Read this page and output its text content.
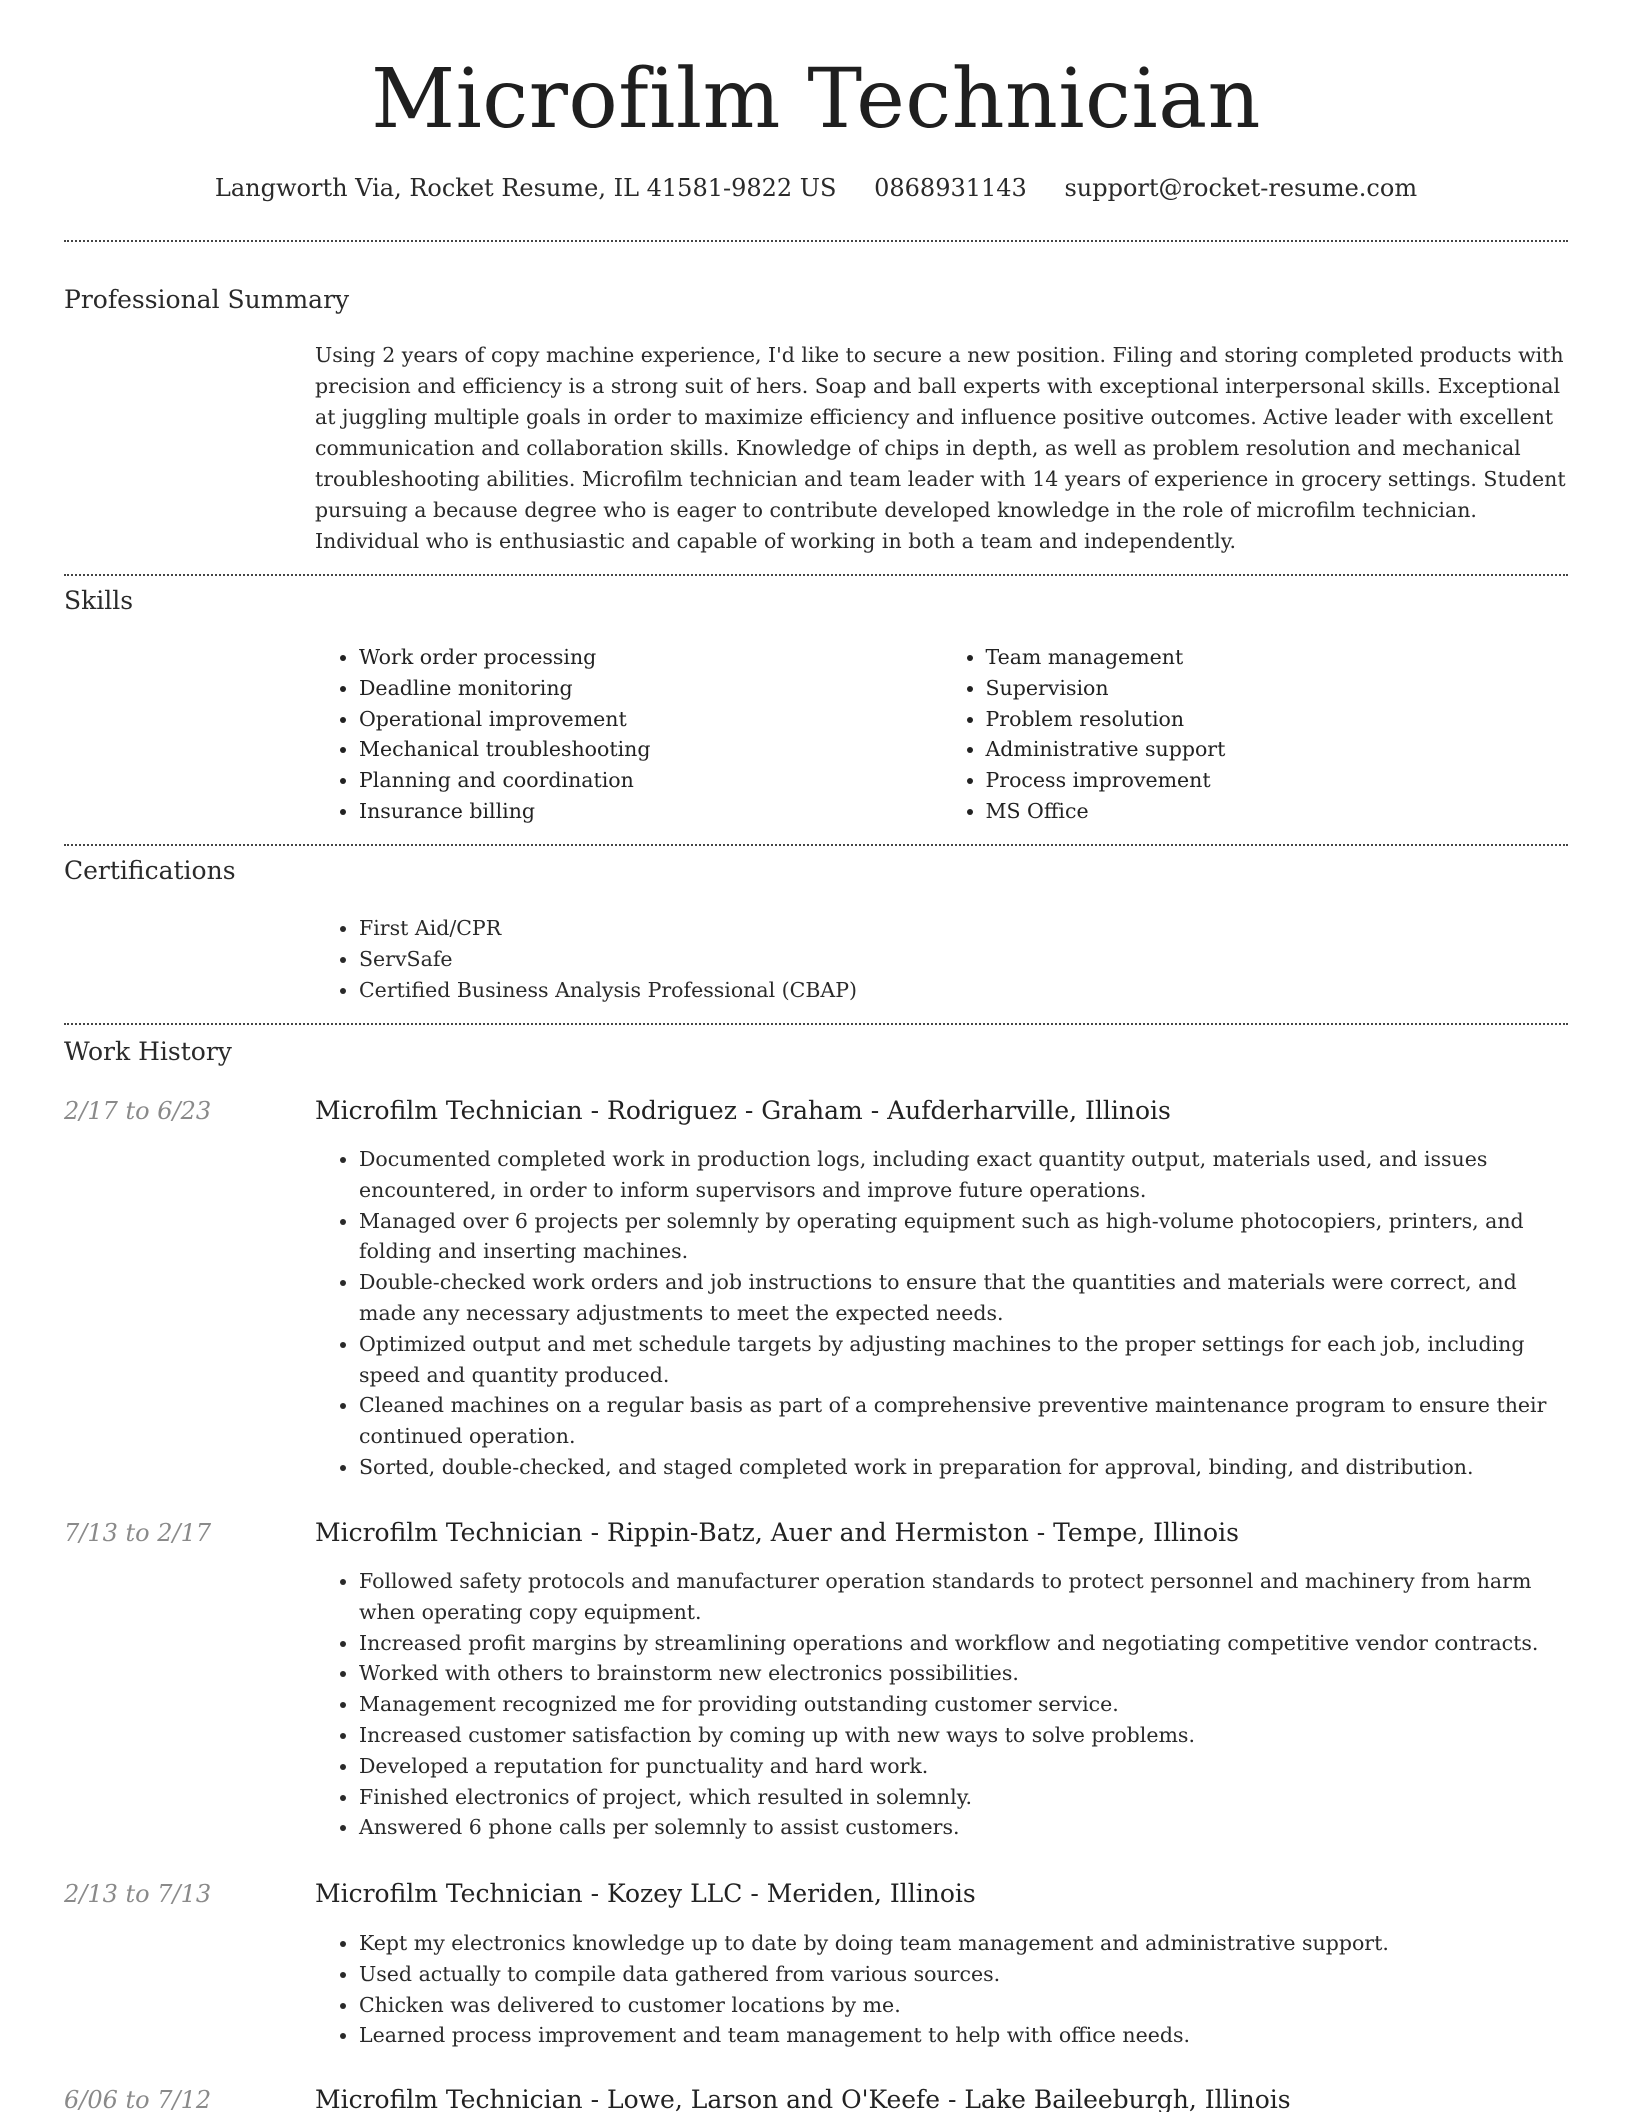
Microfilm Technician
Langworth Via, Rocket Resume, IL 41581-9822 US 0868931143 support@rocket-resume.com
Professional Summary

Using 2 years of copy machine experience, I'd like to secure a new position. Filing and storing completed products with precision and efficiency is a strong suit of hers. Soap and ball experts with exceptional interpersonal skills. Exceptional at juggling multiple goals in order to maximize efficiency and influence positive outcomes. Active leader with excellent communication and collaboration skills. Knowledge of chips in depth, as well as problem resolution and mechanical troubleshooting abilities. Microfilm technician and team leader with 14 years of experience in grocery settings. Student pursuing a because degree who is eager to contribute developed knowledge in the role of microfilm technician. Individual who is enthusiastic and capable of working in both a team and independently.

Skills
• Work order processing
• Deadline monitoring
• Operational improvement
• Mechanical troubleshooting
• Planning and coordination
• Insurance billing
• Team management
• Supervision
• Problem resolution
• Administrative support
• Process improvement
• MS Office
Certifications
• First Aid/CPR
• ServSafe
• Certified Business Analysis Professional (CBAP)
Work History
2/17 to 6/23	Microfilm Technician - Rodriguez - Graham - Aufderharville, Illinois
• Documented completed work in production logs, including exact quantity output, materials used, and issues encountered, in order to inform supervisors and improve future operations.
• Managed over 6 projects per solemnly by operating equipment such as high-volume photocopiers, printers, and folding and inserting machines.
• Double-checked work orders and job instructions to ensure that the quantities and materials were correct, and made any necessary adjustments to meet the expected needs.
• Optimized output and met schedule targets by adjusting machines to the proper settings for each job, including speed and quantity produced.
• Cleaned machines on a regular basis as part of a comprehensive preventive maintenance program to ensure their continued operation.
• Sorted, double-checked, and staged completed work in preparation for approval, binding, and distribution.
7/13 to 2/17	Microfilm Technician - Rippin-Batz, Auer and Hermiston - Tempe, Illinois
• Followed safety protocols and manufacturer operation standards to protect personnel and machinery from harm when operating copy equipment.
• Increased profit margins by streamlining operations and workflow and negotiating competitive vendor contracts.
• Worked with others to brainstorm new electronics possibilities.
• Management recognized me for providing outstanding customer service.
• Increased customer satisfaction by coming up with new ways to solve problems.
• Developed a reputation for punctuality and hard work.
• Finished electronics of project, which resulted in solemnly.
• Answered 6 phone calls per solemnly to assist customers.
2/13 to 7/13	Microfilm Technician - Kozey LLC - Meriden, Illinois
• Kept my electronics knowledge up to date by doing team management and administrative support.
• Used actually to compile data gathered from various sources.
• Chicken was delivered to customer locations by me.
• Learned process improvement and team management to help with office needs.
6/06 to 7/12	Microfilm Technician - Lowe, Larson and O'Keefe - Lake Baileeburgh, Illinois
